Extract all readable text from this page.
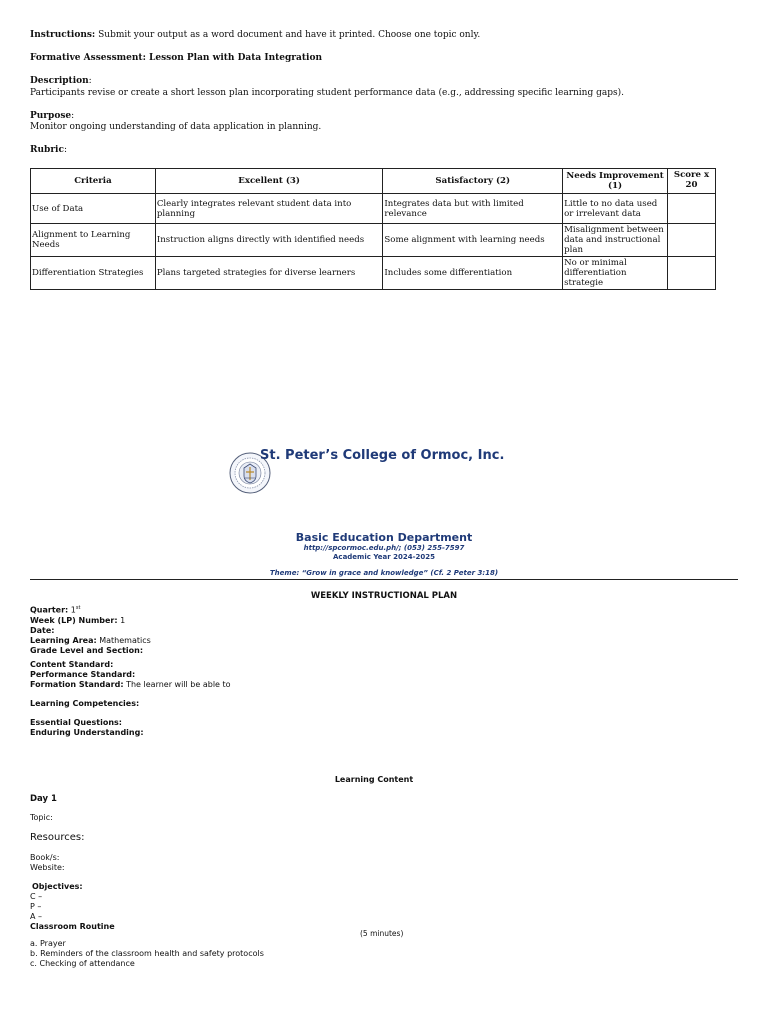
Instructions: Submit your output as a word document and have it printed. Choose one topic only.
Formative Assessment: Lesson Plan with Data Integration
Description:
Participants revise or create a short lesson plan incorporating student performance data (e.g., addressing specific learning gaps).
Purpose:
Monitor ongoing understanding of data application in planning.
Rubric:
Criteria	Excellent (3)	Satisfactory (2)	Needs Improvement (1)	Score x 20
Use of Data	Clearly integrates relevant student data into planning	Integrates data but with limited relevance	Little to no data used or irrelevant data	
Alignment to Learning Needs	Instruction aligns directly with identified needs	Some alignment with learning needs	Misalignment between data and instructional plan	
Differentiation Strategies	Plans targeted strategies for diverse learners	Includes some differentiation	No or minimal differentiation strategie	
St. Peter’s College of Ormoc, Inc.
Basic Education Department
http://spcormoc.edu.ph/; (053) 255-7597
Academic Year 2024-2025
Theme: “Grow in grace and knowledge” (Cf. 2 Peter 3:18)
WEEKLY INSTRUCTIONAL PLAN
Quarter: 1st
Week (LP) Number: 1
Date:
Learning Area: Mathematics
Grade Level and Section:
Content Standard:
Performance Standard:
Formation Standard: The learner will be able to
Learning Competencies:
Essential Questions:
Enduring Understanding:
Learning Content
Day 1
Topic:
Resources:
Book/s:
Website:
Objectives:
C –
P –
A –
Classroom Routine
(5 minutes)
a. Prayer
b. Reminders of the classroom health and safety protocols
c. Checking of attendance
